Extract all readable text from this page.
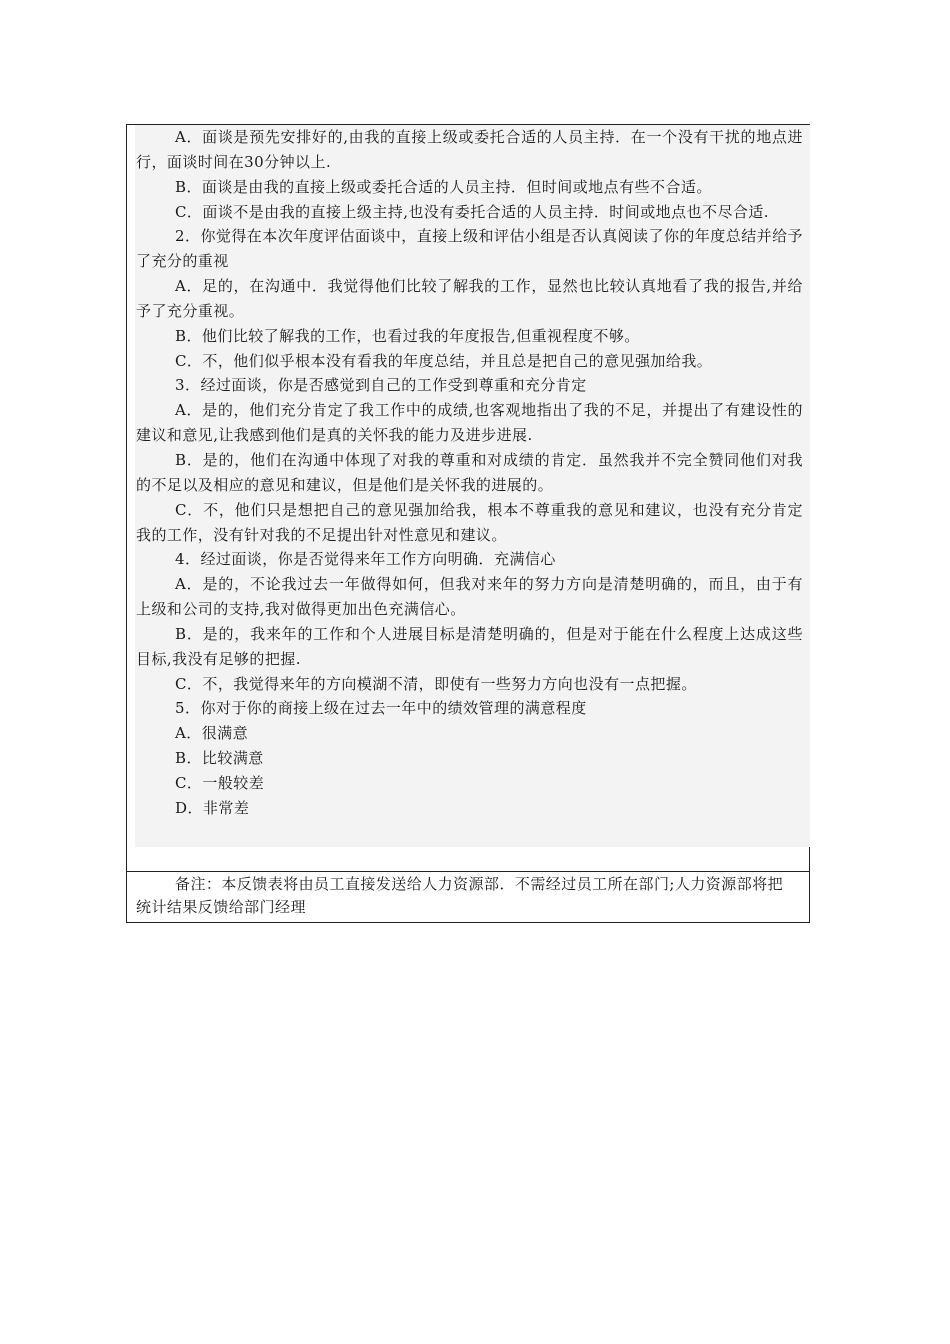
A．面谈是预先安排好的,由我的直接上级或委托合适的人员主持．在一个没有干扰的地点进行，面谈时间在30分钟以上.

B．面谈是由我的直接上级或委托合适的人员主持．但时间或地点有些不合适。

C．面谈不是由我的直接上级主持,也没有委托合适的人员主持．时间或地点也不尽合适.

2．你觉得在本次年度评估面谈中，直接上级和评估小组是否认真阅读了你的年度总结并给予了充分的重视

A．足的，在沟通中．我觉得他们比较了解我的工作，显然也比较认真地看了我的报告,并给予了充分重视。

B．他们比较了解我的工作，也看过我的年度报告,但重视程度不够。

C．不，他们似乎根本没有看我的年度总结，并且总是把自己的意见强加给我。

3．经过面谈，你是否感觉到自己的工作受到尊重和充分肯定

A．是的，他们充分肯定了我工作中的成绩,也客观地指出了我的不足，并提出了有建设性的建议和意见,让我感到他们是真的关怀我的能力及进步进展.

B．是的，他们在沟通中体现了对我的尊重和对成绩的肯定．虽然我并不完全赞同他们对我的不足以及相应的意见和建议，但是他们是关怀我的进展的。

C．不，他们只是想把自己的意见强加给我，根本不尊重我的意见和建议，也没有充分肯定我的工作，没有针对我的不足提出针对性意见和建议。

4．经过面谈，你是否觉得来年工作方向明确．充满信心

A．是的，不论我过去一年做得如何，但我对来年的努力方向是清楚明确的，而且，由于有上级和公司的支持,我对做得更加出色充满信心。

B．是的，我来年的工作和个人进展目标是清楚明确的，但是对于能在什么程度上达成这些目标,我没有足够的把握.

C．不，我觉得来年的方向模湖不清，即使有一些努力方向也没有一点把握。

5．你对于你的商接上级在过去一年中的绩效管理的满意程度

A．很满意

B．比较满意

C．一般较差

D．非常差

备注：本反馈表将由员工直接发送给人力资源部．不需经过员工所在部门;人力资源部将把统计结果反馈给部门经理
